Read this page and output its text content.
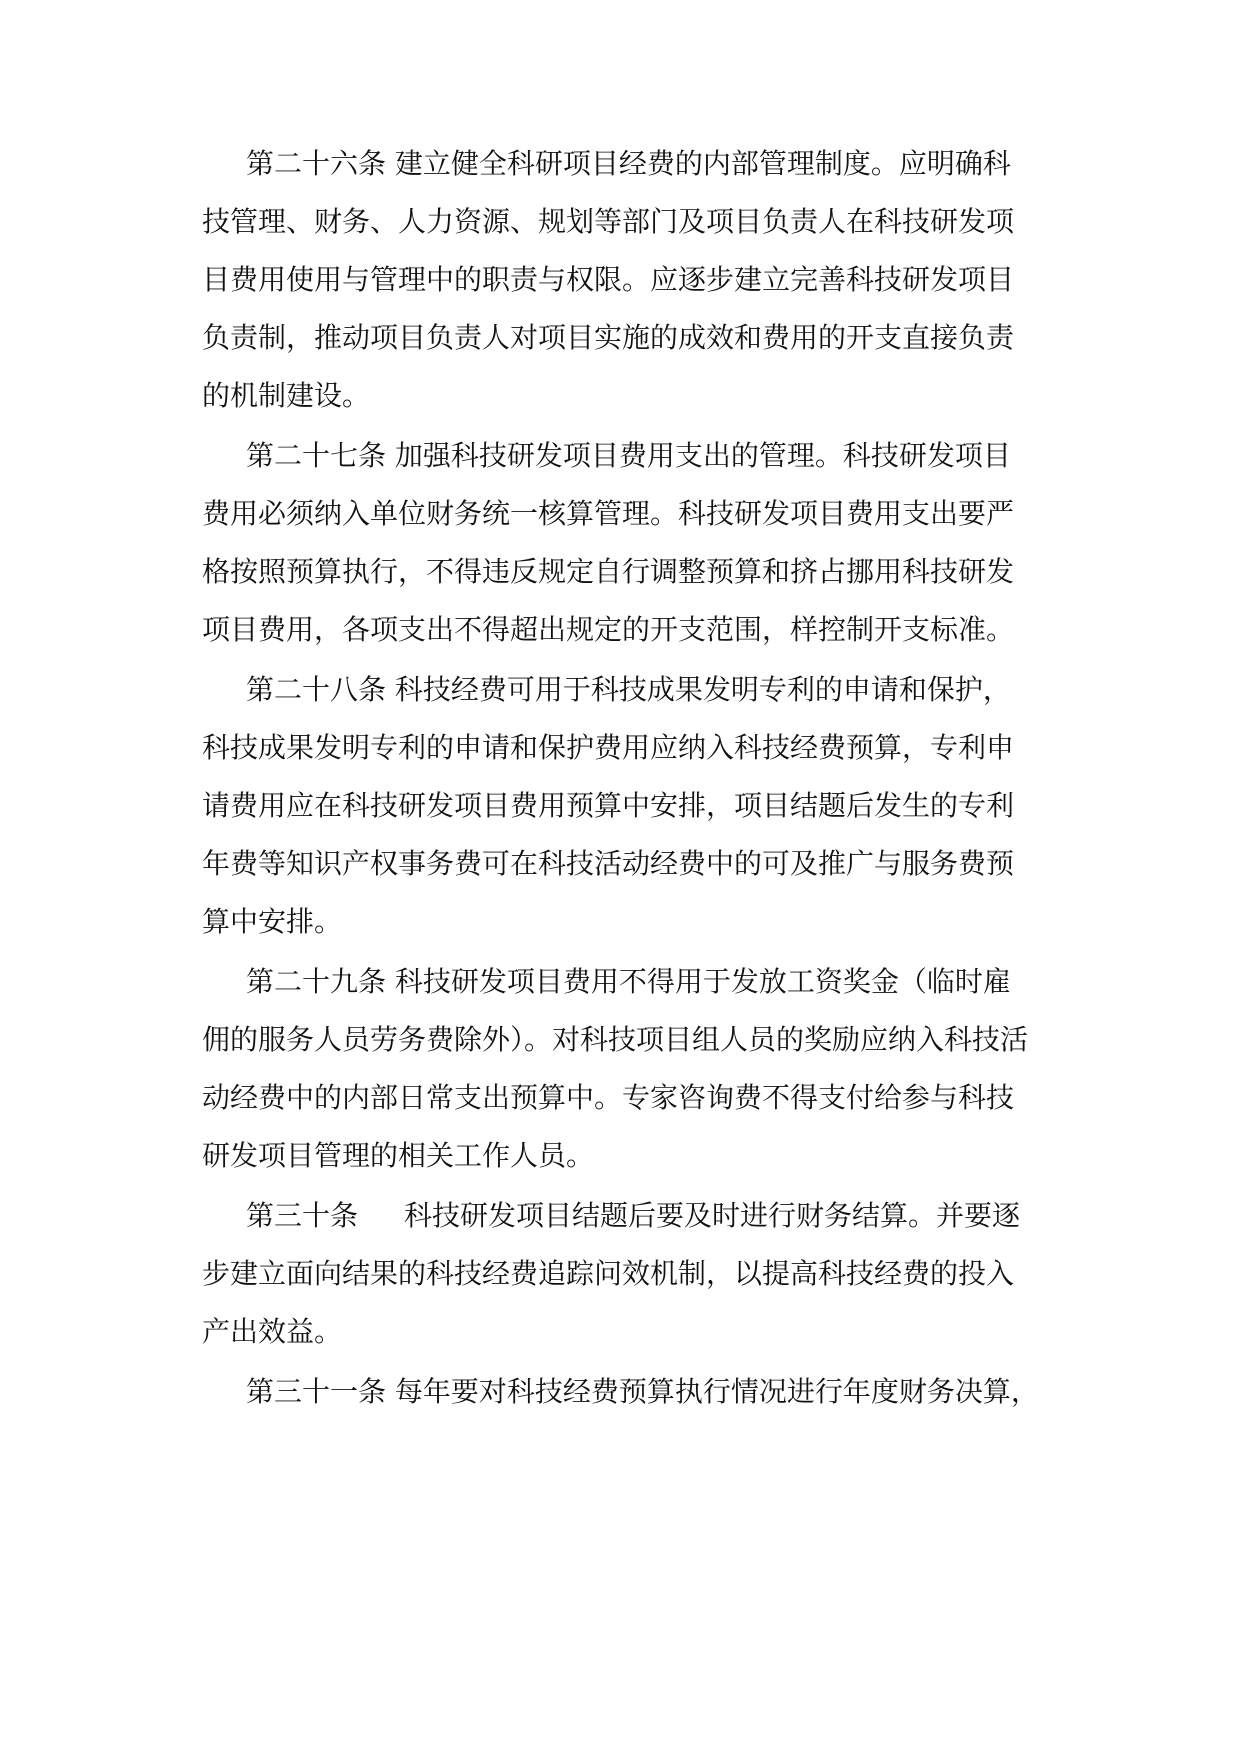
第二十六条 建立健全科研项目经费的内部管理制度。应明确科
技管理、财务、人力资源、规划等部门及项目负责人在科技研发项
目费用使用与管理中的职责与权限。应逐步建立完善科技研发项目
负责制，推动项目负责人对项目实施的成效和费用的开支直接负责
的机制建设。
第二十七条 加强科技研发项目费用支出的管理。科技研发项目
费用必须纳入单位财务统一核算管理。科技研发项目费用支出要严
格按照预算执行，不得违反规定自行调整预算和挤占挪用科技研发
项目费用，各项支出不得超出规定的开支范围，样控制开支标准。
第二十八条 科技经费可用于科技成果发明专利的申请和保护，
科技成果发明专利的申请和保护费用应纳入科技经费预算，专利申
请费用应在科技研发项目费用预算中安排，项目结题后发生的专利
年费等知识产权事务费可在科技活动经费中的可及推广与服务费预
算中安排。
第二十九条 科技研发项目费用不得用于发放工资奖金（临时雇
佣的服务人员劳务费除外）。对科技项目组人员的奖励应纳入科技活
动经费中的内部日常支出预算中。专家咨询费不得支付给参与科技
研发项目管理的相关工作人员。
第三十条 科技研发项目结题后要及时进行财务结算。并要逐
步建立面向结果的科技经费追踪问效机制，以提高科技经费的投入
产出效益。
第三十一条 每年要对科技经费预算执行情况进行年度财务决算，
